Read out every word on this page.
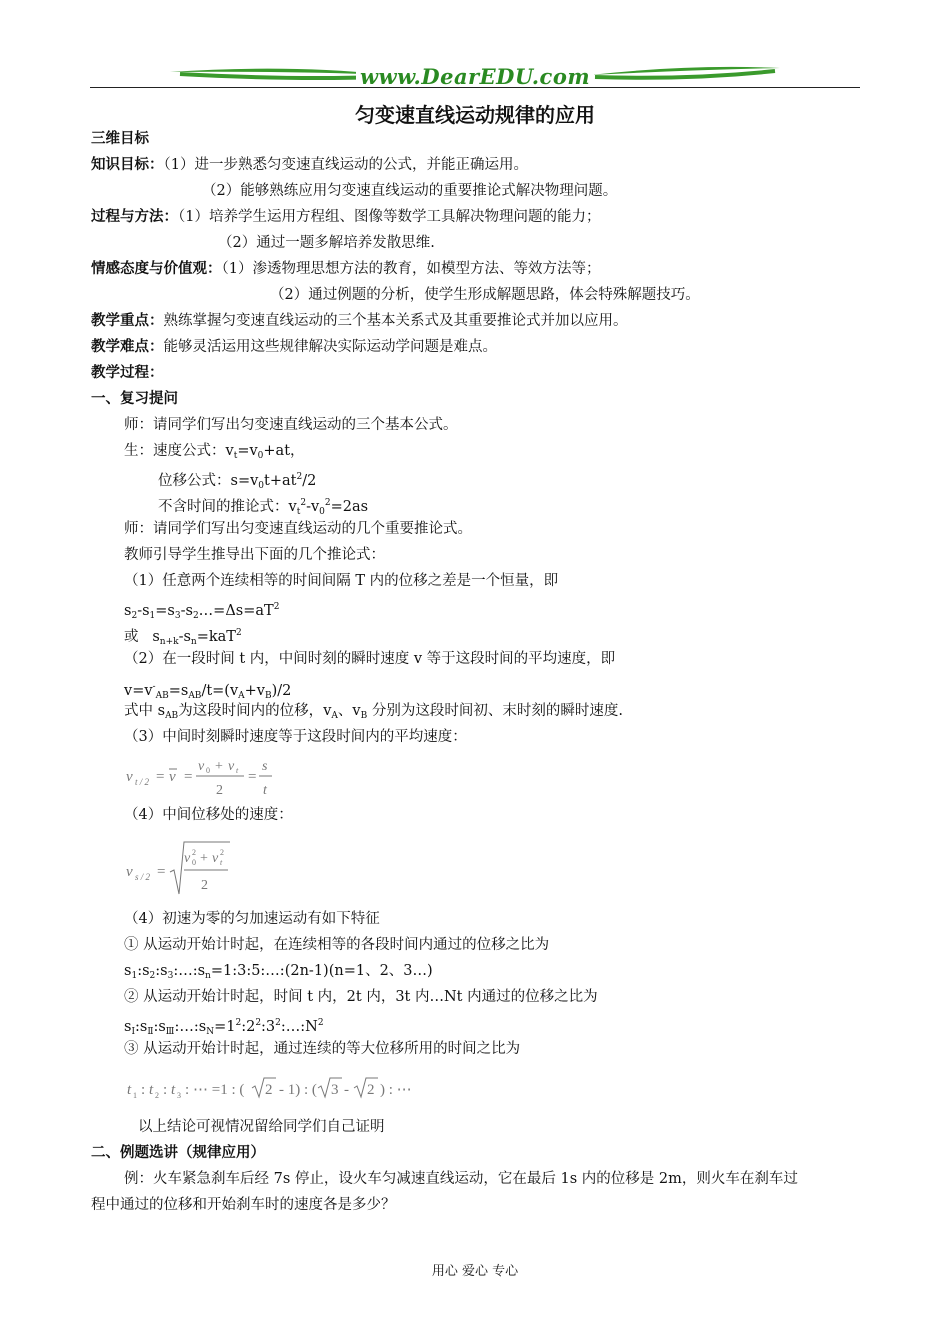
www.DearEDU.com
匀变速直线运动规律的应用
三维目标
知识目标：（1）进一步熟悉匀变速直线运动的公式，并能正确运用。
（2）能够熟练应用匀变速直线运动的重要推论式解决物理问题。
过程与方法：（1）培养学生运用方程组、图像等数学工具解决物理问题的能力；
（2）通过一题多解培养发散思维.
情感态度与价值观：（1）渗透物理思想方法的教育，如模型方法、等效方法等；
（2）通过例题的分析，使学生形成解题思路，体会特殊解题技巧。
教学重点：熟练掌握匀变速直线运动的三个基本关系式及其重要推论式并加以应用。
教学难点：能够灵活运用这些规律解决实际运动学问题是难点。
教学过程：
一、复习提问
师：请同学们写出匀变速直线运动的三个基本公式。
生：速度公式：$v_t=v_0+at$，
位移公式：$s=v_0t+at^2/2$
不含时间的推论式：$v_t^2-v_0^2=2as$
师：请同学们写出匀变速直线运动的几个重要推论式。
教师引导学生推导出下面的几个推论式：
（1）任意两个连续相等的时间间隔 T 内的位移之差是一个恒量，即
$s_2-s_1=s_3-s_2\dots=\Delta s=aT^2$
或   $s_{n+k}-s_n=kaT^2$
（2）在一段时间 t 内，中间时刻的瞬时速度 v 等于这段时间的平均速度，即
$v=v^-_{AB}=s_{AB}/t=(v_A+v_B)/2$
式中 $s_{AB}$为这段时间内的位移，$v_A$、$v_B$ 分别为这段时间初、末时刻的瞬时速度.
（3）中间时刻瞬时速度等于这段时间内的平均速度：
v t / 2 = v =
v 0 + v t
2
=
s
t
（4）中间位移处的速度：
v s / 2 =
v 2
0 + v 2
t
2
（4）初速为零的匀加速运动有如下特征
① 从运动开始计时起，在连续相等的各段时间内通过的位移之比为
$s_1:s_2:s_3:\dots:s_n=1:3:5:\dots:(2n-1)(n=1$、2、3…)
② 从运动开始计时起，时间 t 内，2t 内，3t 内…Nt 内通过的位移之比为
$s_Ⅰ:s_Ⅱ:s_Ⅲ:\dots:s_N=1^2:2^2:3^2:\dots:N^2$
③ 从运动开始计时起，通过连续的等大位移所用的时间之比为
t 1 : t 2 : t 3 : ⋯ =1 : ( 2 - 1) : ( 3 - 2 ) : ⋯
以上结论可视情况留给同学们自己证明
二、例题选讲（规律应用）
例：火车紧急刹车后经 7s 停止，设火车匀减速直线运动，它在最后 1s 内的位移是 2m，则火车在刹车过
程中通过的位移和开始刹车时的速度各是多少？
用心 爱心 专心
